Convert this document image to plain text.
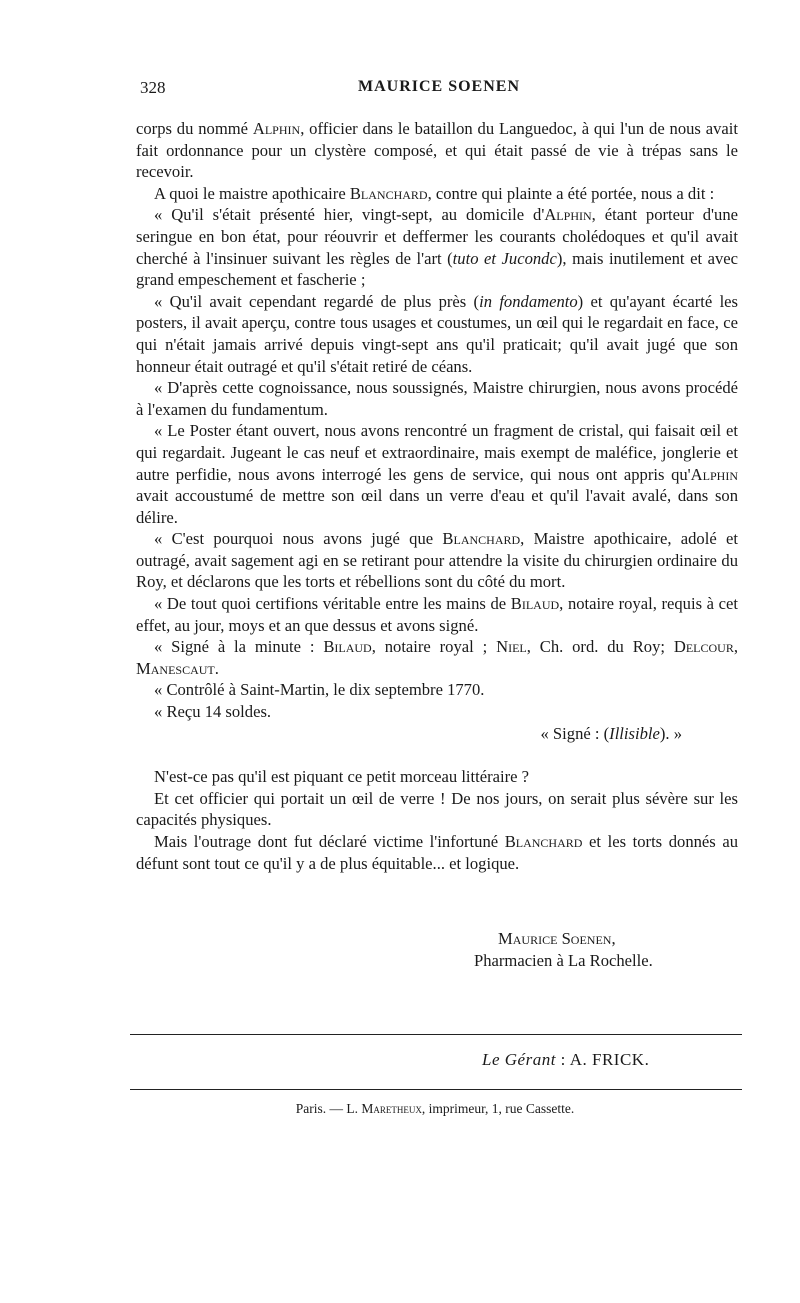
328	MAURICE SOENEN

corps du nommé Alphin, officier dans le bataillon du Languedoc, à qui l'un de nous avait fait ordonnance pour un clystère composé, et qui était passé de vie à trépas sans le recevoir.

A quoi le maistre apothicaire Blanchard, contre qui plainte a été portée, nous a dit :

« Qu'il s'était présenté hier, vingt-sept, au domicile d'Alphin, étant porteur d'une seringue en bon état, pour réouvrir et deffermer les courants cholédoques et qu'il avait cherché à l'insinuer suivant les règles de l'art (tuto et Jucondc), mais inutilement et avec grand empeschement et fascherie ;

« Qu'il avait cependant regardé de plus près (in fondamento) et qu'ayant écarté les posters, il avait aperçu, contre tous usages et coustumes, un œil qui le regardait en face, ce qui n'était jamais arrivé depuis vingt-sept ans qu'il praticait; qu'il avait jugé que son honneur était outragé et qu'il s'était retiré de céans.

« D'après cette cognoissance, nous soussignés, Maistre chirurgien, nous avons procédé à l'examen du fundamentum.

« Le Poster étant ouvert, nous avons rencontré un fragment de cristal, qui faisait œil et qui regardait. Jugeant le cas neuf et extraordinaire, mais exempt de maléfice, jonglerie et autre perfidie, nous avons interrogé les gens de service, qui nous ont appris qu'Alphin avait accoustumé de mettre son œil dans un verre d'eau et qu'il l'avait avalé, dans son délire.

« C'est pourquoi nous avons jugé que Blanchard, Maistre apothicaire, adolé et outragé, avait sagement agi en se retirant pour attendre la visite du chirurgien ordinaire du Roy, et déclarons que les torts et rébellions sont du côté du mort.

« De tout quoi certifions véritable entre les mains de Bilaud, notaire royal, requis à cet effet, au jour, moys et an que dessus et avons signé.

« Signé à la minute : Bilaud, notaire royal ; Niel, Ch. ord. du Roy; Delcour, Manescaut.

« Contrôlé à Saint-Martin, le dix septembre 1770.

« Reçu 14 soldes.

« Signé : (Illisible). »

N'est-ce pas qu'il est piquant ce petit morceau littéraire ?

Et cet officier qui portait un œil de verre ! De nos jours, on serait plus sévère sur les capacités physiques.

Mais l'outrage dont fut déclaré victime l'infortuné Blanchard et les torts donnés au défunt sont tout ce qu'il y a de plus équitable... et logique.

Maurice Soenen,
Pharmacien à La Rochelle.
Le Gérant : A. FRICK.
Paris. — L. Maretheux, imprimeur, 1, rue Cassette.
